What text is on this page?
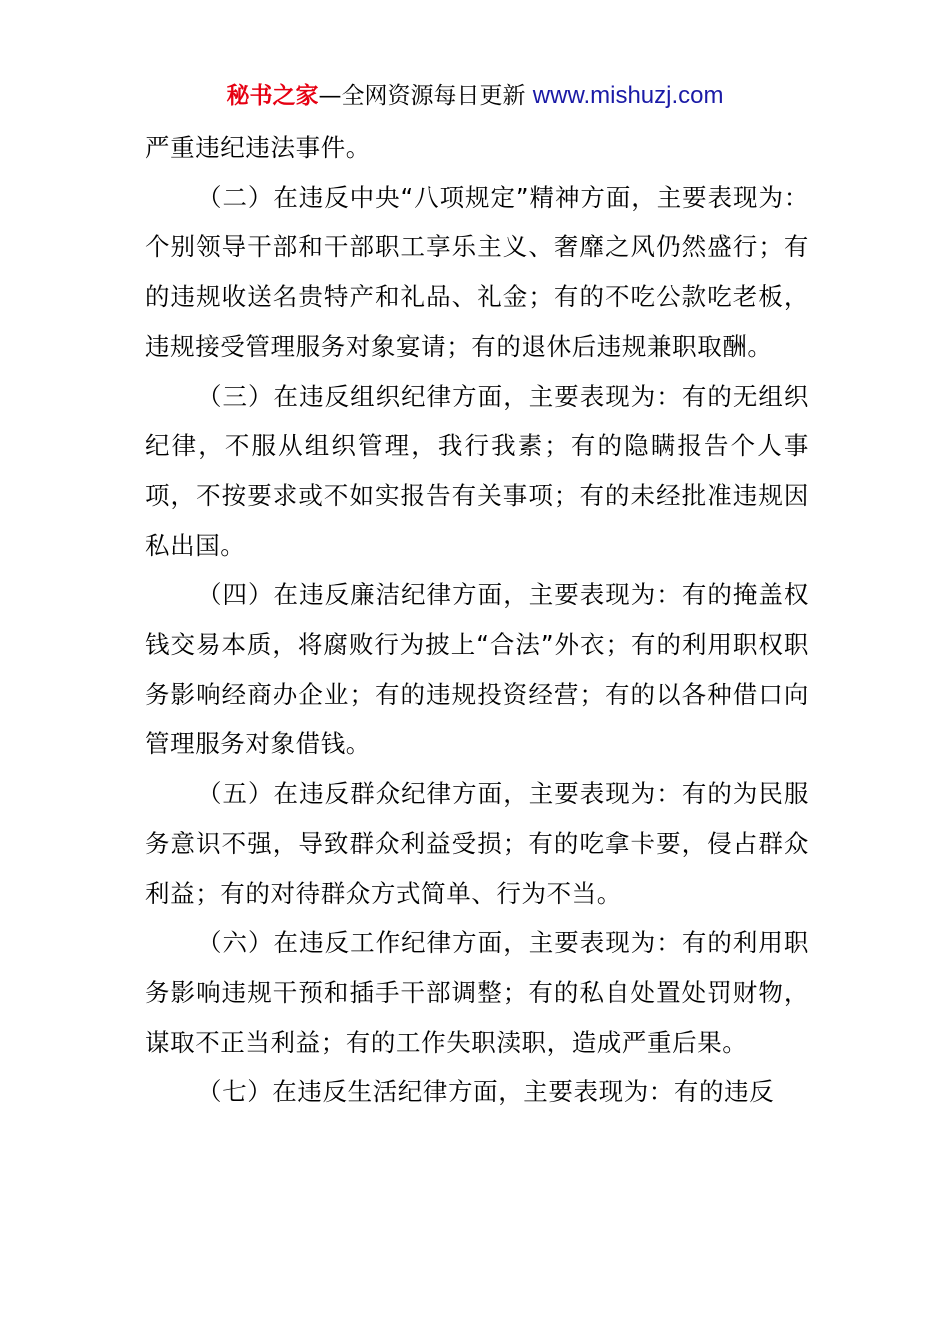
秘书之家—全网资源每日更新 www.mishuzj.com

严重违纪违法事件。

（二）在违反中央“八项规定”精神方面，主要表现为：个别领导干部和干部职工享乐主义、奢靡之风仍然盛行；有的违规收送名贵特产和礼品、礼金；有的不吃公款吃老板，违规接受管理服务对象宴请；有的退休后违规兼职取酬。

（三）在违反组织纪律方面，主要表现为：有的无组织纪律，不服从组织管理，我行我素；有的隐瞒报告个人事项，不按要求或不如实报告有关事项；有的未经批准违规因私出国。

（四）在违反廉洁纪律方面，主要表现为：有的掩盖权钱交易本质，将腐败行为披上“合法”外衣；有的利用职权职务影响经商办企业；有的违规投资经营；有的以各种借口向管理服务对象借钱。

（五）在违反群众纪律方面，主要表现为：有的为民服务意识不强，导致群众利益受损；有的吃拿卡要，侵占群众利益；有的对待群众方式简单、行为不当。

（六）在违反工作纪律方面，主要表现为：有的利用职务影响违规干预和插手干部调整；有的私自处置处罚财物，谋取不正当利益；有的工作失职渎职，造成严重后果。

（七）在违反生活纪律方面，主要表现为：有的违反
